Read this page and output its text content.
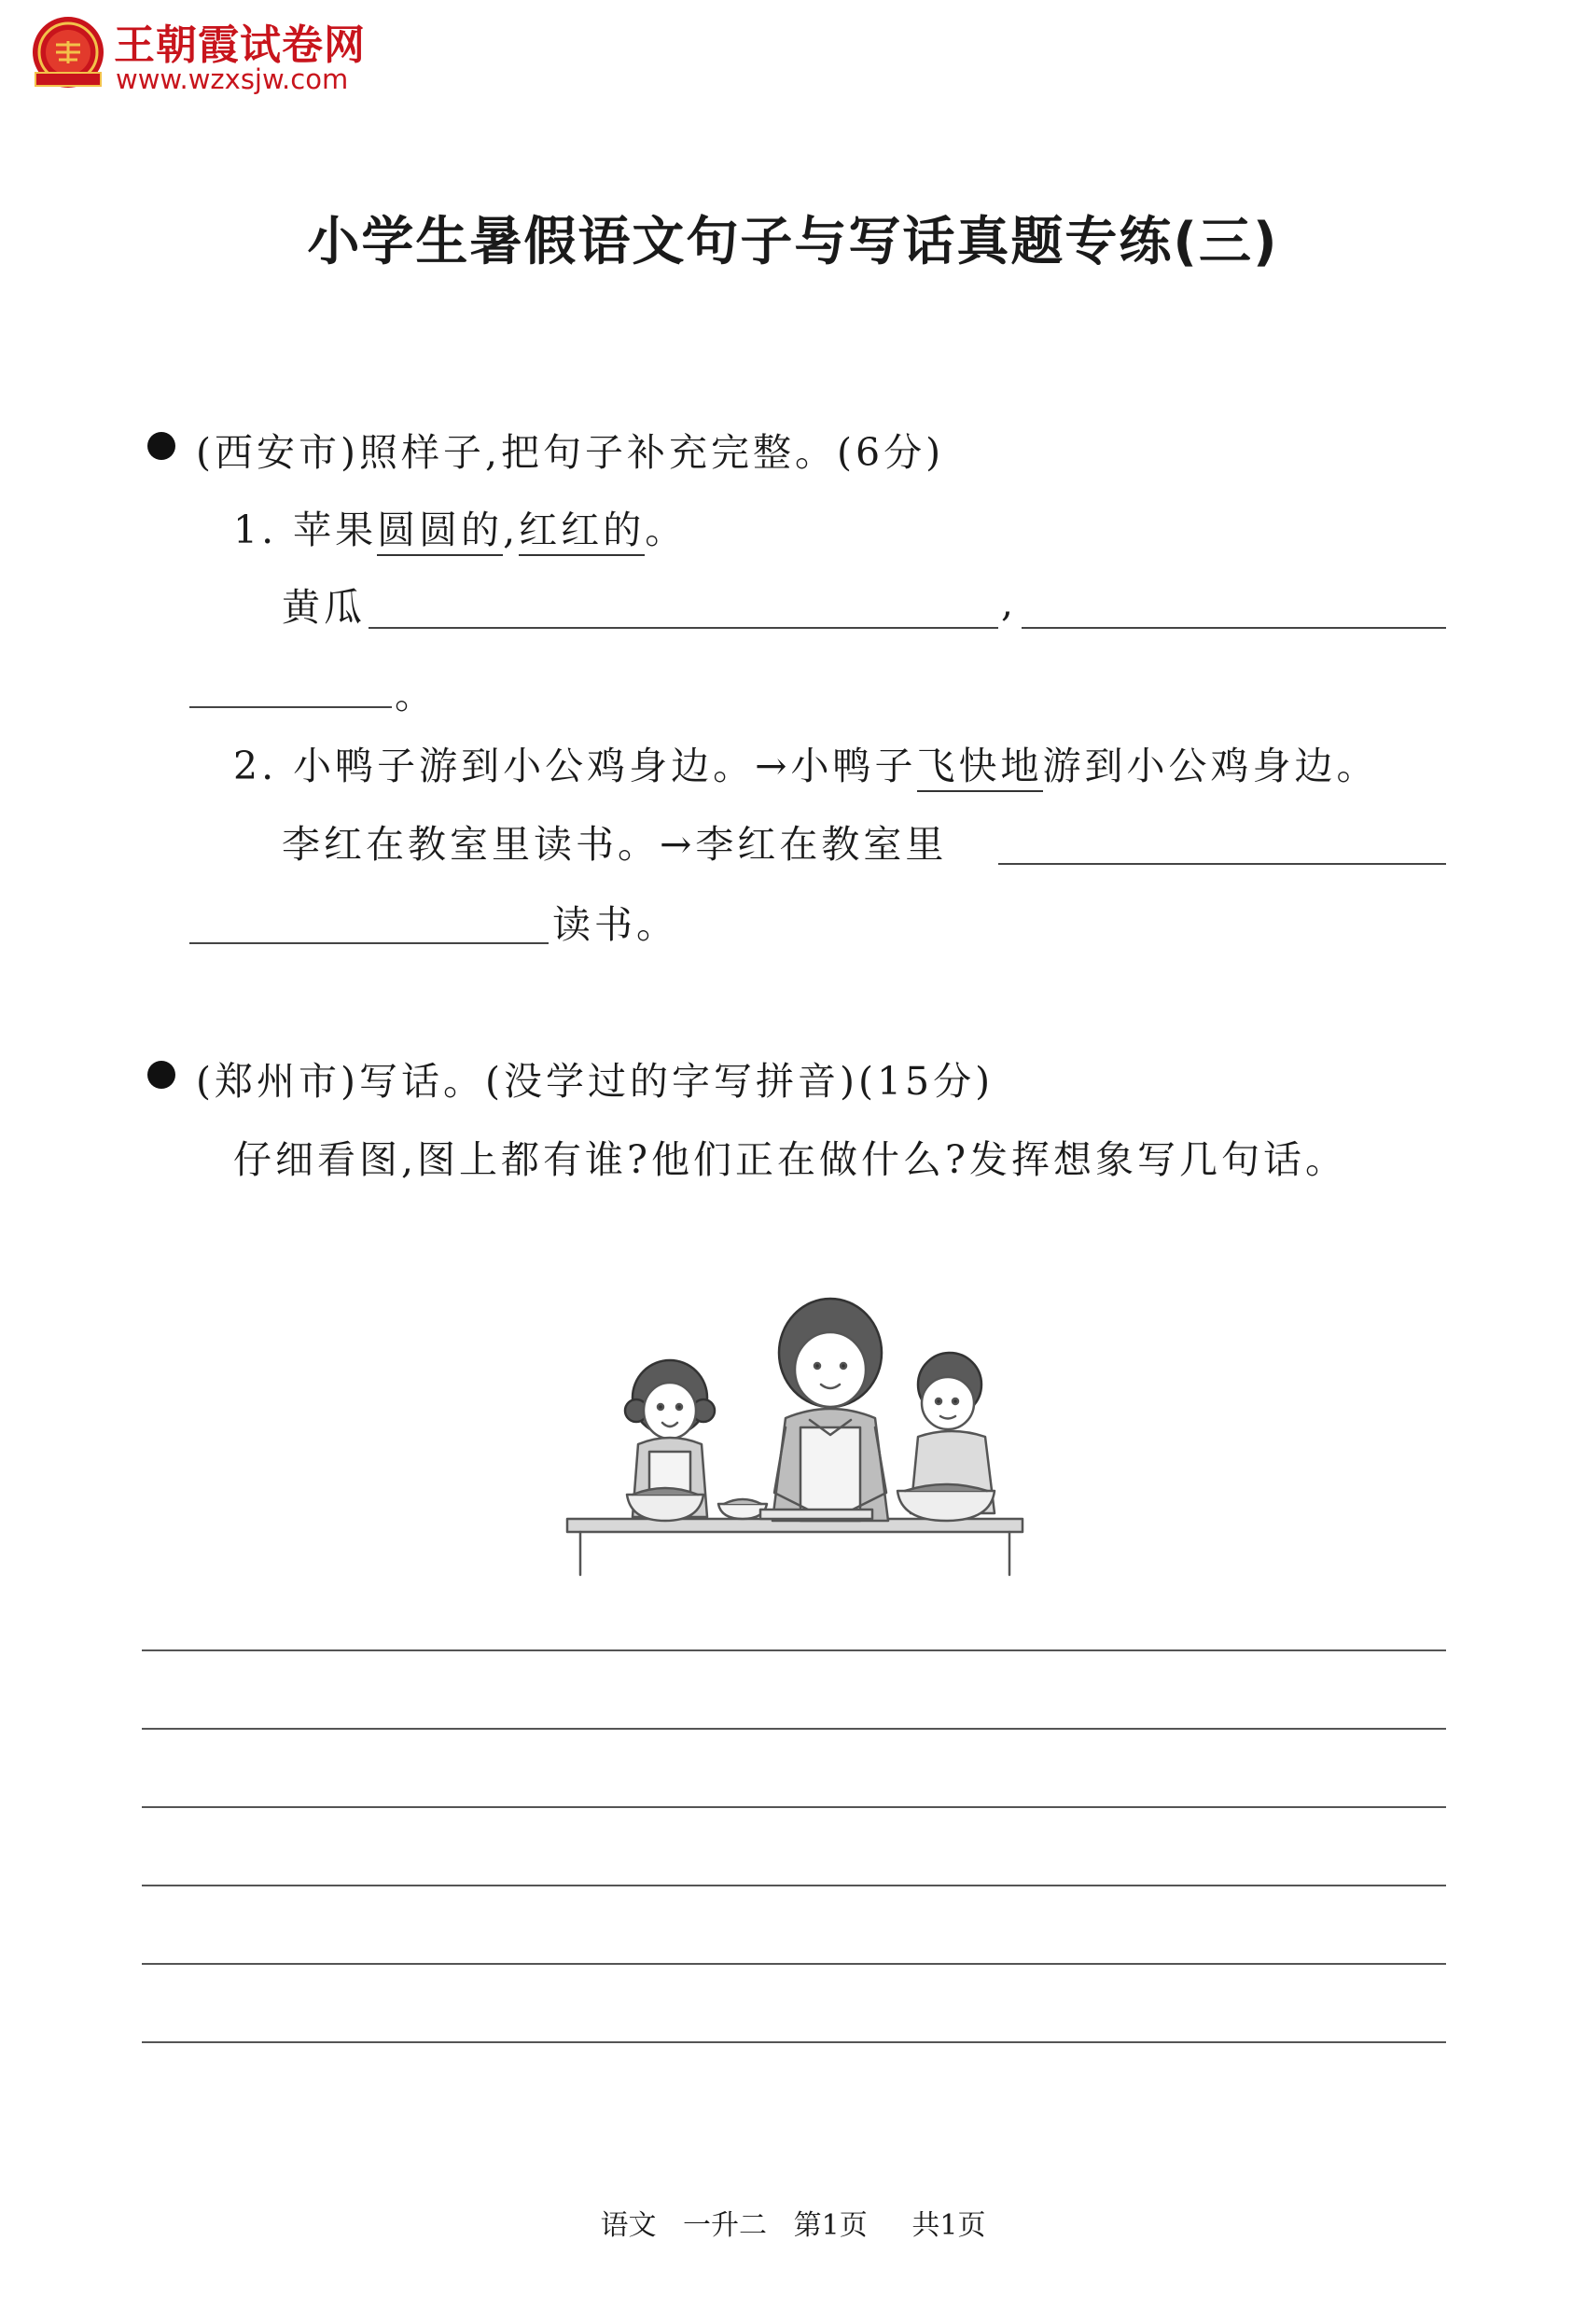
王朝霞试卷网
www.wzxsjw.com
小学生暑假语文句子与写话真题专练(三)
(西安市)照样子,把句子补充完整。(6分)
1. 苹果圆圆的,红红的。
黄瓜	,
。
2. 小鸭子游到小公鸡身边。→小鸭子飞快地游到小公鸡身边。
李红在教室里读书。→李红在教室里
读书。
(郑州市)写话。(没学过的字写拼音)(15分)
仔细看图,图上都有谁?他们正在做什么?发挥想象写几句话。
语文   一升二   第1页     共1页
